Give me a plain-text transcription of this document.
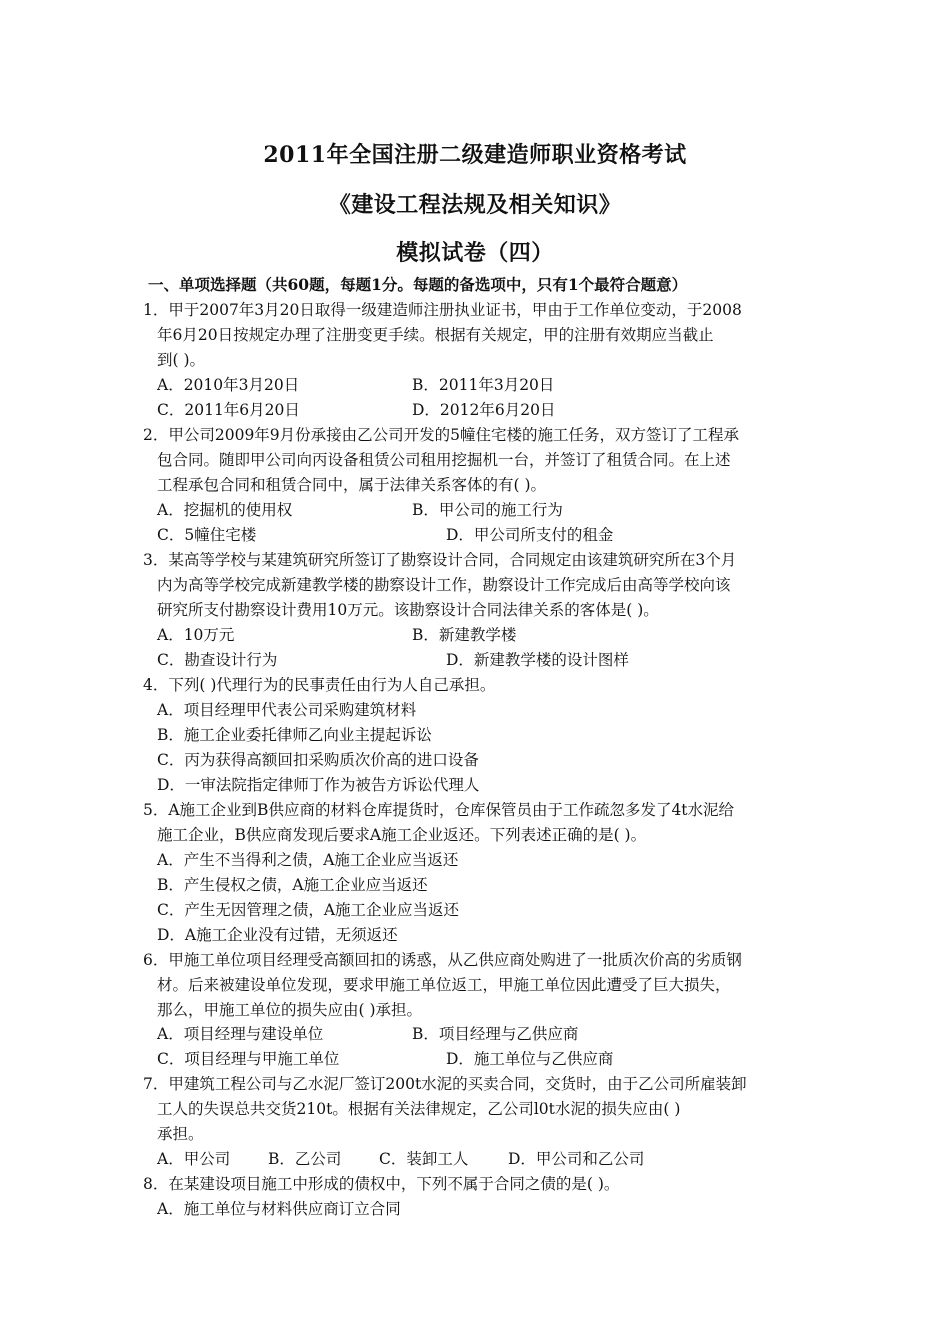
2011年全国注册二级建造师职业资格考试
《建设工程法规及相关知识》
模拟试卷（四）
一、单项选择题（共60题，每题1分。每题的备选项中，只有1个最符合题意）
1．甲于2007年3月20日取得一级建造师注册执业证书，甲由于工作单位变动，于2008
年6月20日按规定办理了注册变更手续。根据有关规定，甲的注册有效期应当截止
到( )。
A．2010年3月20日	B．2011年3月20日
C．2011年6月20日	D．2012年6月20日
2．甲公司2009年9月份承接由乙公司开发的5幢住宅楼的施工任务，双方签订了工程承
包合同。随即甲公司向丙设备租赁公司租用挖掘机一台，并签订了租赁合同。在上述
工程承包合同和租赁合同中，属于法律关系客体的有( )。
A．挖掘机的使用权	B．甲公司的施工行为
C．5幢住宅楼	D．甲公司所支付的租金
3．某高等学校与某建筑研究所签订了勘察设计合同，合同规定由该建筑研究所在3个月
内为高等学校完成新建教学楼的勘察设计工作，勘察设计工作完成后由高等学校向该
研究所支付勘察设计费用10万元。该勘察设计合同法律关系的客体是( )。
A．10万元	B．新建教学楼
C．勘查设计行为	D．新建教学楼的设计图样
4．下列( )代理行为的民事责任由行为人自己承担。
A．项目经理甲代表公司采购建筑材料
B．施工企业委托律师乙向业主提起诉讼
C．丙为获得高额回扣采购质次价高的进口设备
D．一审法院指定律师丁作为被告方诉讼代理人
5．A施工企业到B供应商的材料仓库提货时，仓库保管员由于工作疏忽多发了4t水泥给
施工企业，B供应商发现后要求A施工企业返还。下列表述正确的是( )。
A．产生不当得利之债，A施工企业应当返还
B．产生侵权之债，A施工企业应当返还
C．产生无因管理之债，A施工企业应当返还
D．A施工企业没有过错，无须返还
6．甲施工单位项目经理受高额回扣的诱惑，从乙供应商处购进了一批质次价高的劣质钢
材。后来被建设单位发现，要求甲施工单位返工，甲施工单位因此遭受了巨大损失，
那么，甲施工单位的损失应由( )承担。
A．项目经理与建设单位	B．项目经理与乙供应商
C．项目经理与甲施工单位	D．施工单位与乙供应商
7．甲建筑工程公司与乙水泥厂签订200t水泥的买卖合同，交货时，由于乙公司所雇装卸
工人的失误总共交货210t。根据有关法律规定，乙公司l0t水泥的损失应由( )
承担。
A．甲公司 B．乙公司 C．装卸工人	D．甲公司和乙公司
8．在某建设项目施工中形成的债权中，下列不属于合同之债的是( )。
A．施工单位与材料供应商订立合同
